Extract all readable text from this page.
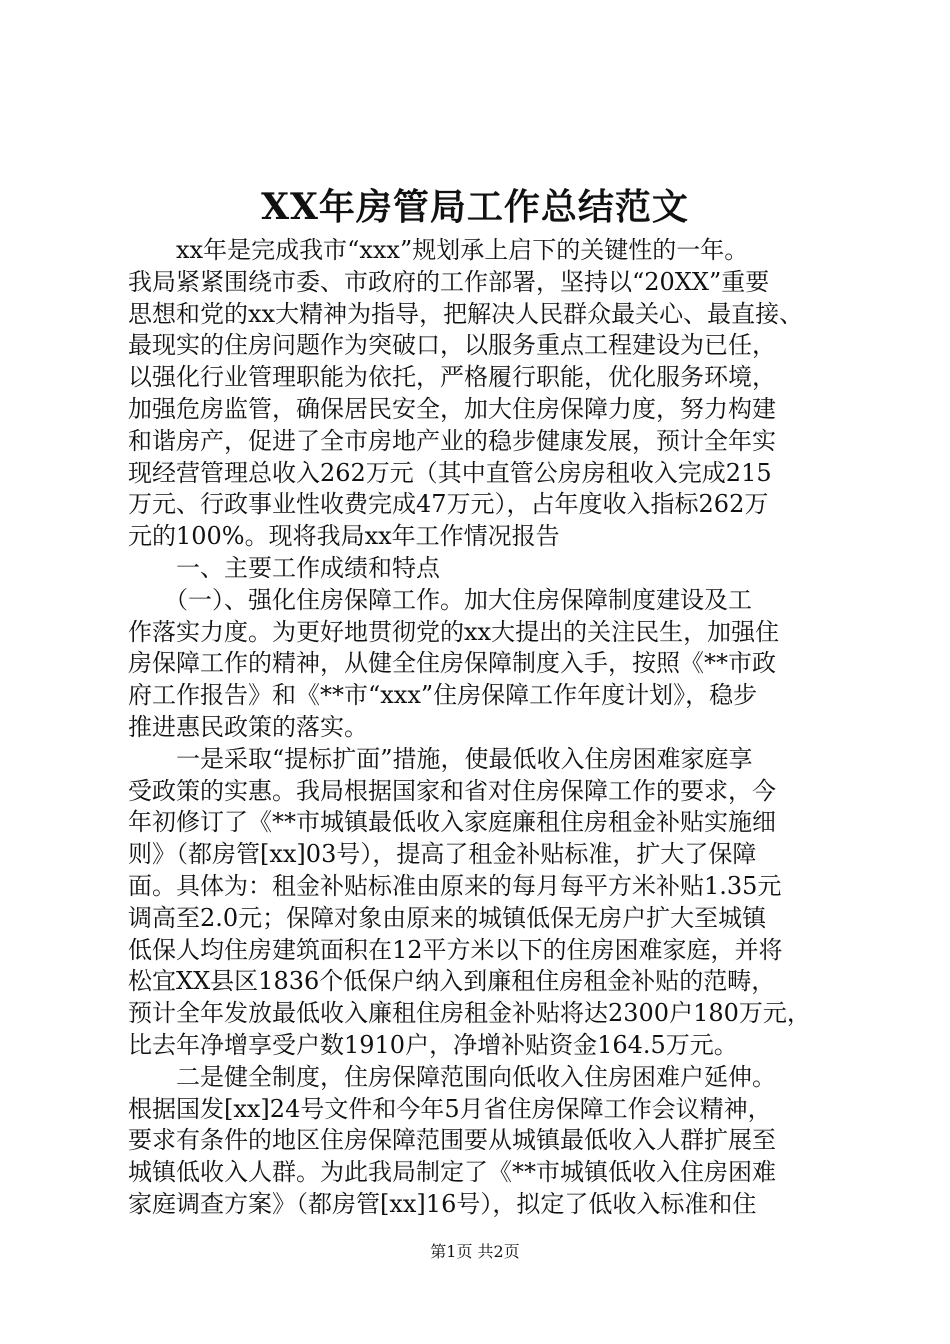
XX年房管局工作总结范文
　　xx年是完成我市“xxx”规划承上启下的关键性的一年。
我局紧紧围绕市委、市政府的工作部署，坚持以“20XX”重要
思想和党的xx大精神为指导，把解决人民群众最关心、最直接、
最现实的住房问题作为突破口，以服务重点工程建设为已任，
以强化行业管理职能为依托，严格履行职能，优化服务环境，
加强危房监管，确保居民安全，加大住房保障力度，努力构建
和谐房产，促进了全市房地产业的稳步健康发展，预计全年实
现经营管理总收入262万元（其中直管公房房租收入完成215
万元、行政事业性收费完成47万元），占年度收入指标262万
元的100%。现将我局xx年工作情况报告
　　一、主要工作成绩和特点
　　（一）、强化住房保障工作。加大住房保障制度建设及工
作落实力度。为更好地贯彻党的xx大提出的关注民生，加强住
房保障工作的精神，从健全住房保障制度入手，按照《**市政
府工作报告》和《**市“xxx”住房保障工作年度计划》，稳步
推进惠民政策的落实。
　　一是采取“提标扩面”措施，使最低收入住房困难家庭享
受政策的实惠。我局根据国家和省对住房保障工作的要求，今
年初修订了《**市城镇最低收入家庭廉租住房租金补贴实施细
则》（都房管[xx]03号），提高了租金补贴标准，扩大了保障
面。具体为：租金补贴标准由原来的每月每平方米补贴1.35元
调高至2.0元；保障对象由原来的城镇低保无房户扩大至城镇
低保人均住房建筑面积在12平方米以下的住房困难家庭，并将
松宜XX县区1836个低保户纳入到廉租住房租金补贴的范畴，
预计全年发放最低收入廉租住房租金补贴将达2300户180万元，
比去年净增享受户数1910户，净增补贴资金164.5万元。
　　二是健全制度，住房保障范围向低收入住房困难户延伸。
根据国发[xx]24号文件和今年5月省住房保障工作会议精神，
要求有条件的地区住房保障范围要从城镇最低收入人群扩展至
城镇低收入人群。为此我局制定了《**市城镇低收入住房困难
家庭调查方案》（都房管[xx]16号），拟定了低收入标准和住
第1页 共2页
